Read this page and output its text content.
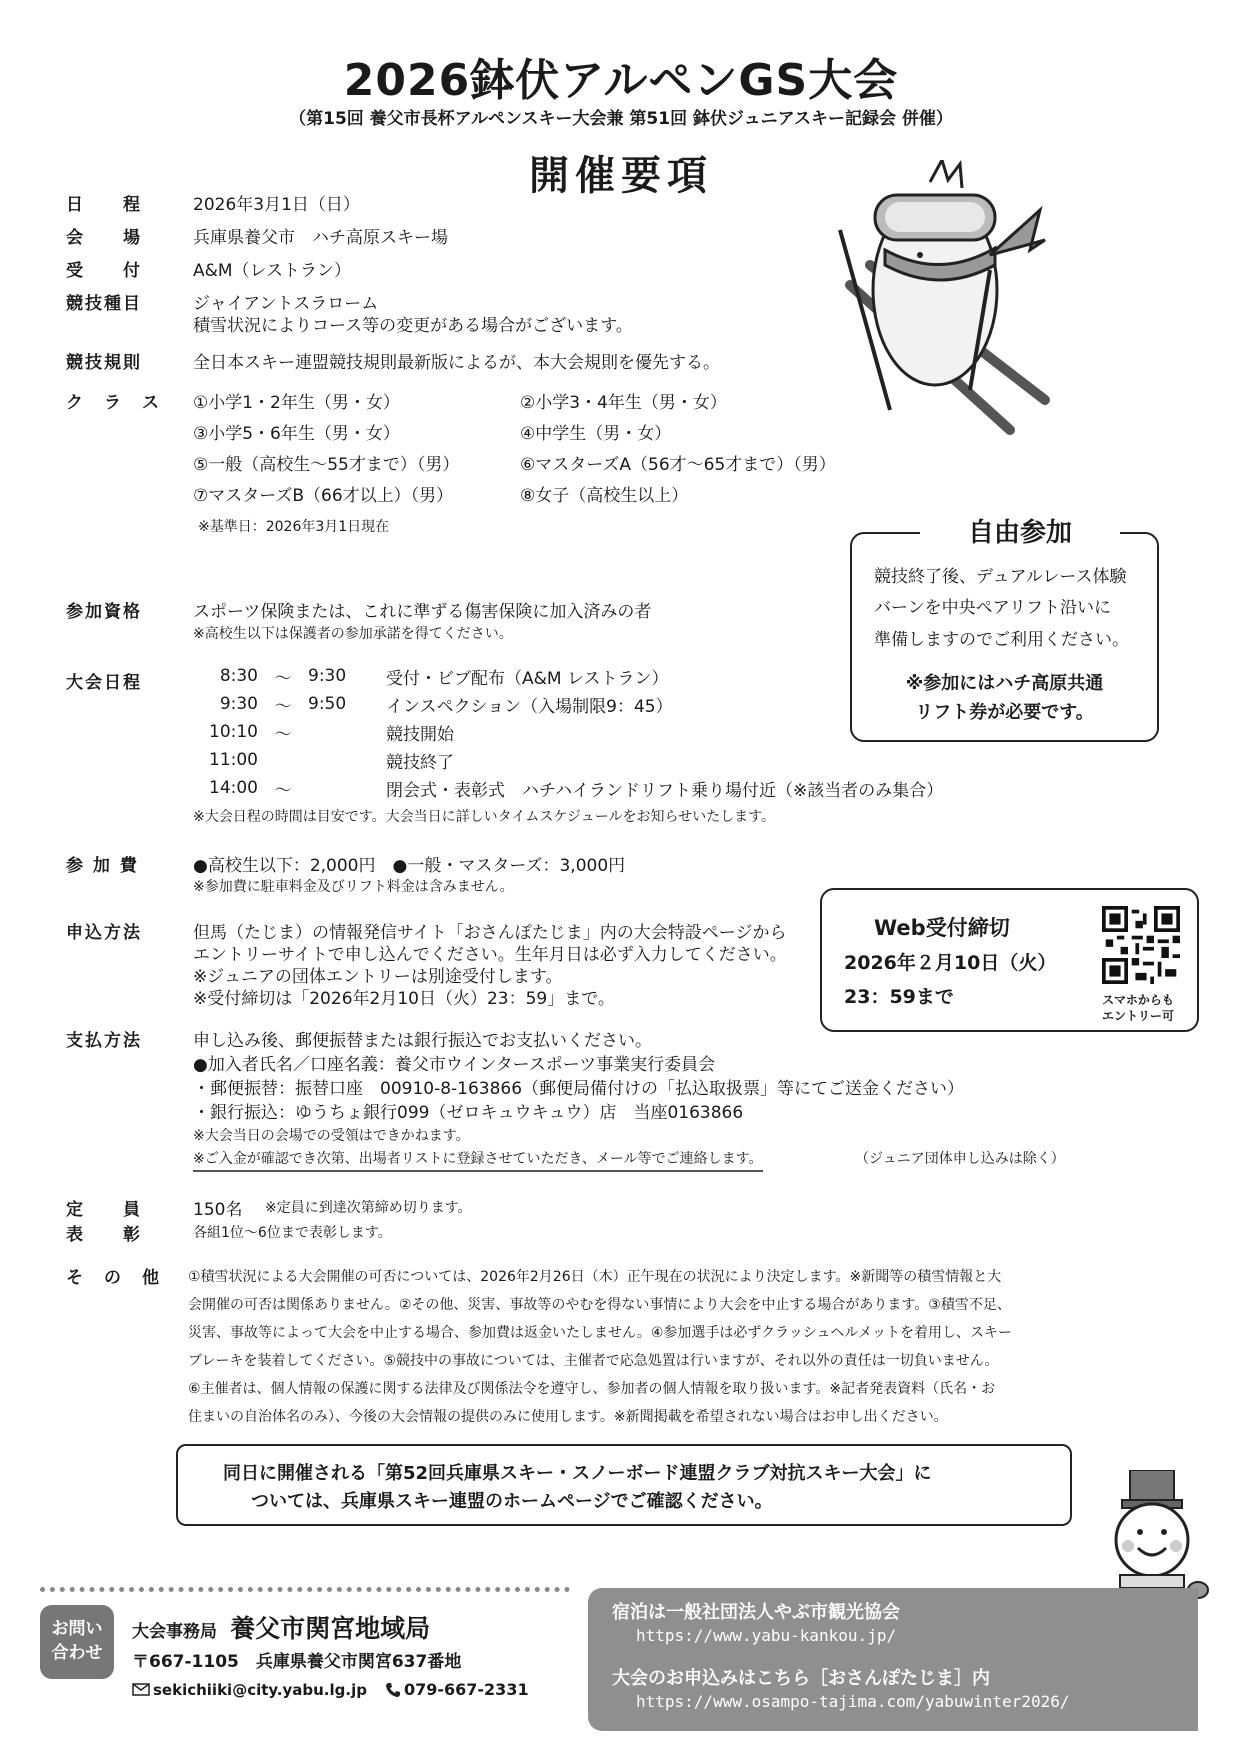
2026鉢伏アルペンGS大会
（第15回 養父市長杯アルペンスキー大会兼 第51回 鉢伏ジュニアスキー記録会 併催）
開催要項
日　　程	2026年3月1日（日）
会　　場	兵庫県養父市　ハチ高原スキー場
受　　付	A&M（レストラン）
競技種目	ジャイアントスラローム
積雪状況によりコース等の変更がある場合がございます。
競技規則	全日本スキー連盟競技規則最新版によるが、本大会規則を優先する。
ク　ラ　ス ①小学1・2年生（男・女）	②小学3・4年生（男・女）
③小学5・6年生（男・女）	④中学生（男・女）
⑤一般（高校生〜55才まで）（男）	⑥マスターズA（56才〜65才まで）（男）
⑦マスターズB（66才以上）（男）	⑧女子（高校生以上）
※基準日：2026年3月1日現在
参加資格	スポーツ保険または、これに準ずる傷害保険に加入済みの者
※高校生以下は保護者の参加承諾を得てください。
大会日程	8:30	〜	9:30	受付・ビブ配布（A&M レストラン）
9:30	〜	9:50	インスペクション（入場制限9：45）
10:10	〜		競技開始
11:00			競技終了
14:00	〜		閉会式・表彰式　ハチハイランドリフト乗り場付近（※該当者のみ集合）
※大会日程の時間は目安です。大会当日に詳しいタイムスケジュールをお知らせいたします。
参 加 費	●高校生以下：2,000円　●一般・マスターズ：3,000円
※参加費に駐車料金及びリフト料金は含みません。
申込方法	但馬（たじま）の情報発信サイト「おさんぽたじま」内の大会特設ページから
エントリーサイトで申し込んでください。生年月日は必ず入力してください。
※ジュニアの団体エントリーは別途受付します。
※受付締切は「2026年2月10日（火）23：59」まで。
支払方法	申し込み後、郵便振替または銀行振込でお支払いください。
●加入者氏名／口座名義：養父市ウインタースポーツ事業実行委員会
・郵便振替：振替口座　00910-8-163866（郵便局備付けの「払込取扱票」等にてご送金ください）
・銀行振込：ゆうちょ銀行099（ゼロキュウキュウ）店　当座0163866
※大会当日の会場での受領はできかねます。
※ご入金が確認でき次第、出場者リストに登録させていただき、メール等でご連絡します。	（ジュニア団体申し込みは除く）
定　　員	150名 ※定員に到達次第締め切ります。
表　　彰	各組1位〜6位まで表彰します。
そ　の　他 ①積雪状況による大会開催の可否については、2026年2月26日（木）正午現在の状況により決定します。※新聞等の積雪情報と大
会開催の可否は関係ありません。②その他、災害、事故等のやむを得ない事情により大会を中止する場合があります。③積雪不足、
災害、事故等によって大会を中止する場合、参加費は返金いたしません。④参加選手は必ずクラッシュヘルメットを着用し、スキー
ブレーキを装着してください。⑤競技中の事故については、主催者で応急処置は行いますが、それ以外の責任は一切負いません。
⑥主催者は、個人情報の保護に関する法律及び関係法令を遵守し、参加者の個人情報を取り扱います。※記者発表資料（氏名・お
住まいの自治体名のみ）、今後の大会情報の提供のみに使用します。※新聞掲載を希望されない場合はお申し出ください。
自由参加
競技終了後、デュアルレース体験
バーンを中央ペアリフト沿いに
準備しますのでご利用ください。
※参加にはハチ高原共通
リフト券が必要です。
Web受付締切
2026年２月10日（火）
23：59まで	スマホからも
エントリー可
同日に開催される「第52回兵庫県スキー・スノーボード連盟クラブ対抗スキー大会」に
ついては、兵庫県スキー連盟のホームページでご確認ください。
お問い
合わせ
大会事務局 養父市関宮地域局
〒667-1105　兵庫県養父市関宮637番地
sekichiiki@city.yabu.lg.jp 079-667-2331
宿泊は一般社団法人やぶ市観光協会
https://www.yabu-kankou.jp/
大会のお申込みはこちら［おさんぽたじま］内
https://www.osampo-tajima.com/yabuwinter2026/
